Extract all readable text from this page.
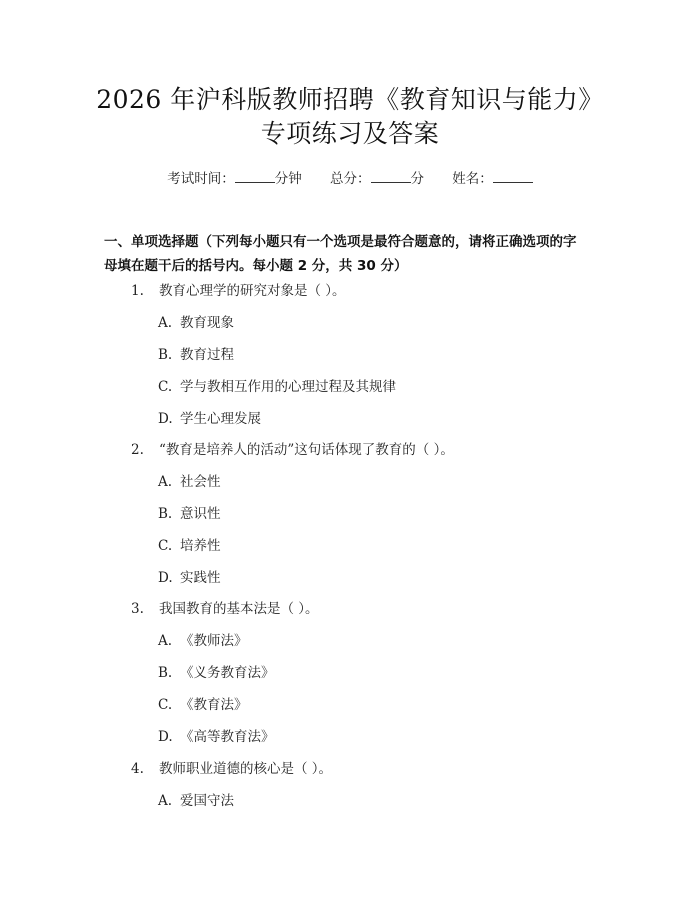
2026 年沪科版教师招聘《教育知识与能力》
专项练习及答案
考试时间：	分钟 总分：	分 姓名：
一、单项选择题（下列每小题只有一个选项是最符合题意的，请将正确选项的字
母填在题干后的括号内。每小题 2 分，共 30 分）
1. 教育心理学的研究对象是（ ）。
A. 教育现象
B. 教育过程
C. 学与教相互作用的心理过程及其规律
D. 学生心理发展
2. “教育是培养人的活动”这句话体现了教育的（ ）。
A. 社会性
B. 意识性
C. 培养性
D. 实践性
3. 我国教育的基本法是（ ）。
A. 《教师法》
B. 《义务教育法》
C. 《教育法》
D. 《高等教育法》
4. 教师职业道德的核心是（ ）。
A. 爱国守法
